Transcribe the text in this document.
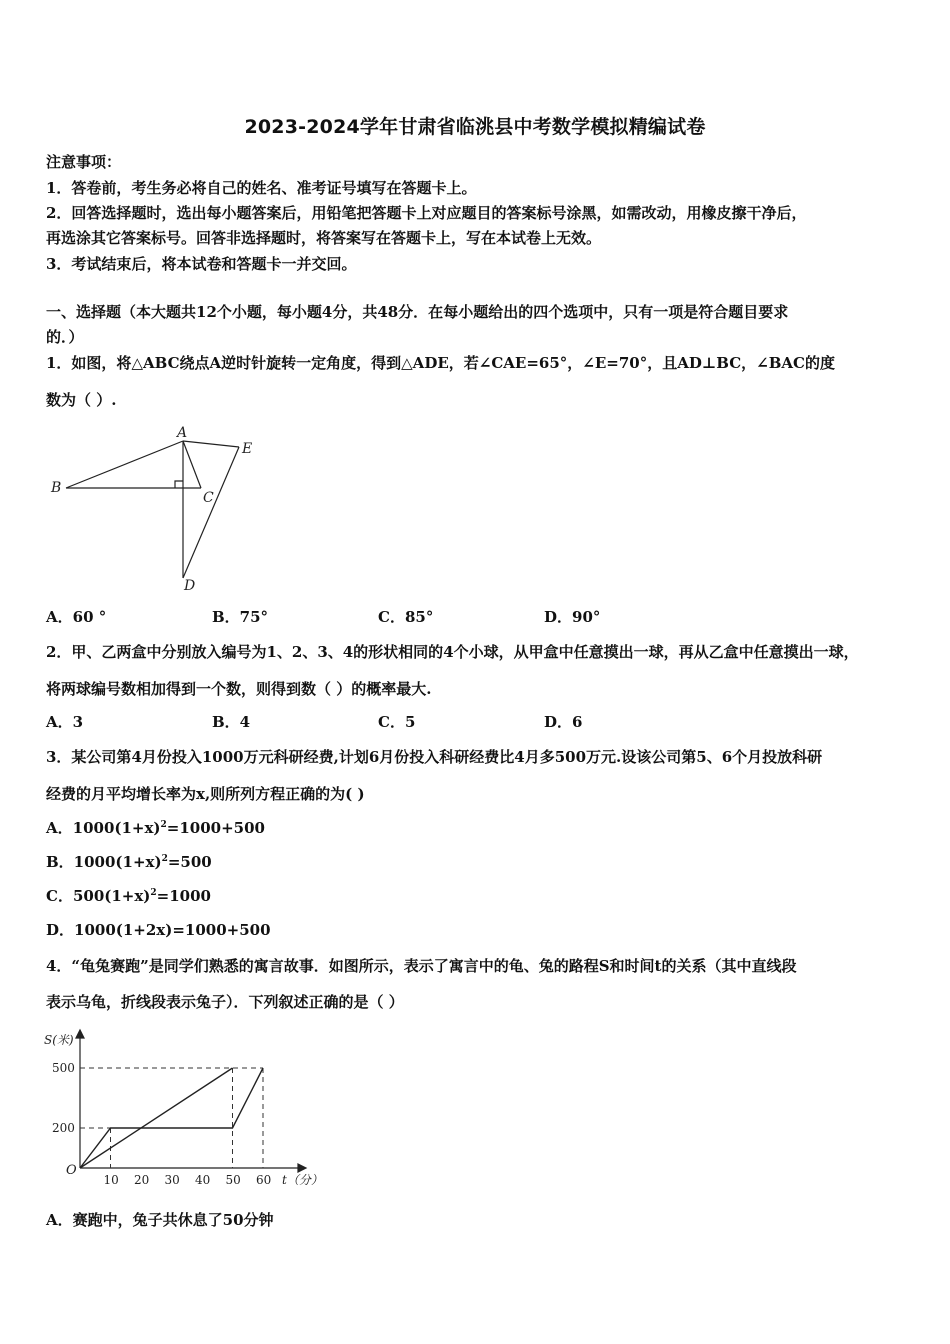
2023-2024学年甘肃省临洮县中考数学模拟精编试卷
注意事项：
1．答卷前，考生务必将自己的姓名、准考证号填写在答题卡上。
2．回答选择题时，选出每小题答案后，用铅笔把答题卡上对应题目的答案标号涂黑，如需改动，用橡皮擦干净后，
再选涂其它答案标号。回答非选择题时，将答案写在答题卡上，写在本试卷上无效。
3．考试结束后，将本试卷和答题卡一并交回。
一、选择题（本大题共12个小题，每小题4分，共48分．在每小题给出的四个选项中，只有一项是符合题目要求
的．）
1．如图，将△ABC绕点A逆时针旋转一定角度，得到△ADE，若∠CAE=65°，∠E=70°，且AD⊥BC，∠BAC的度
数为（ ）.
A
B
C
D
E
A．60 °	B．75°	C．85°	D．90°
2．甲、乙两盒中分别放入编号为1、2、3、4的形状相同的4个小球，从甲盒中任意摸出一球，再从乙盒中任意摸出一球，
将两球编号数相加得到一个数，则得到数（ ）的概率最大.
A．3	B．4	C．5	D．6
3．某公司第4月份投入1000万元科研经费,计划6月份投入科研经费比4月多500万元.设该公司第5、6个月投放科研
经费的月平均增长率为x,则所列方程正确的为( )
A．$1000(1+x)^2=1000+500$
B．$1000(1+x)^2=500$
C．$500(1+x)^2=1000$
D．1000(1+2x)=1000+500
4．“龟兔赛跑”是同学们熟悉的寓言故事．如图所示，表示了寓言中的龟、兔的路程S和时间t的关系（其中直线段
表示乌龟，折线段表示兔子）．下列叙述正确的是（ ）
200
500
10 20 30 40 50 60
S(米)
t（分）
O
A．赛跑中，兔子共休息了50分钟
